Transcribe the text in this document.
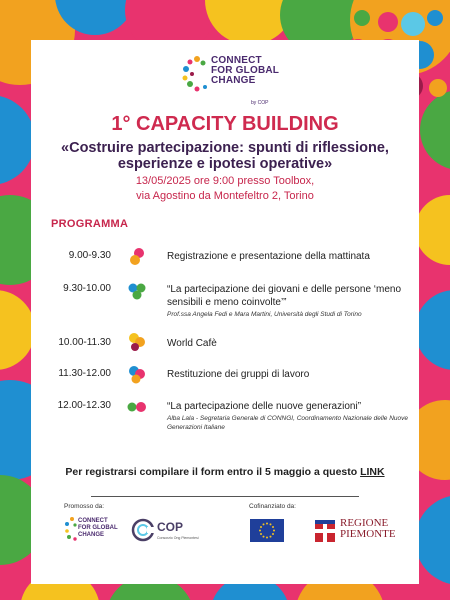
CONNECT
FOR GLOBAL
CHANGE
by COP
1° CAPACITY BUILDING
«Costruire partecipazione: spunti di riflessione,
esperienze e ipotesi operative»
13/05/2025 ore 9:00 presso Toolbox,
via Agostino da Montefeltro 2, Torino
PROGRAMMA
9.00-9.30	Registrazione e presentazione della mattinata
9.30-10.00	“La partecipazione dei giovani e delle persone ‘meno sensibili e meno coinvolte’”
Prof.ssa Angela Fedi e Mara Martini, Università degli Studi di Torino
10.00-11.30	World Cafè
11.30-12.00	Restituzione dei gruppi di lavoro
12.00-12.30	“La partecipazione delle nuove generazioni”
Alba Lala - Segretaria Generale di CONNGI, Coordinamento Nazionale delle Nuove Generazioni Italiane
Per registrarsi compilare il form entro il 5 maggio a questo LINK
Promosso da:	Cofinanziato da:
CONNECT
FOR GLOBAL
CHANGE
COP
Consorzio Ong Piemontesi
REGIONE
PIEMONTE
